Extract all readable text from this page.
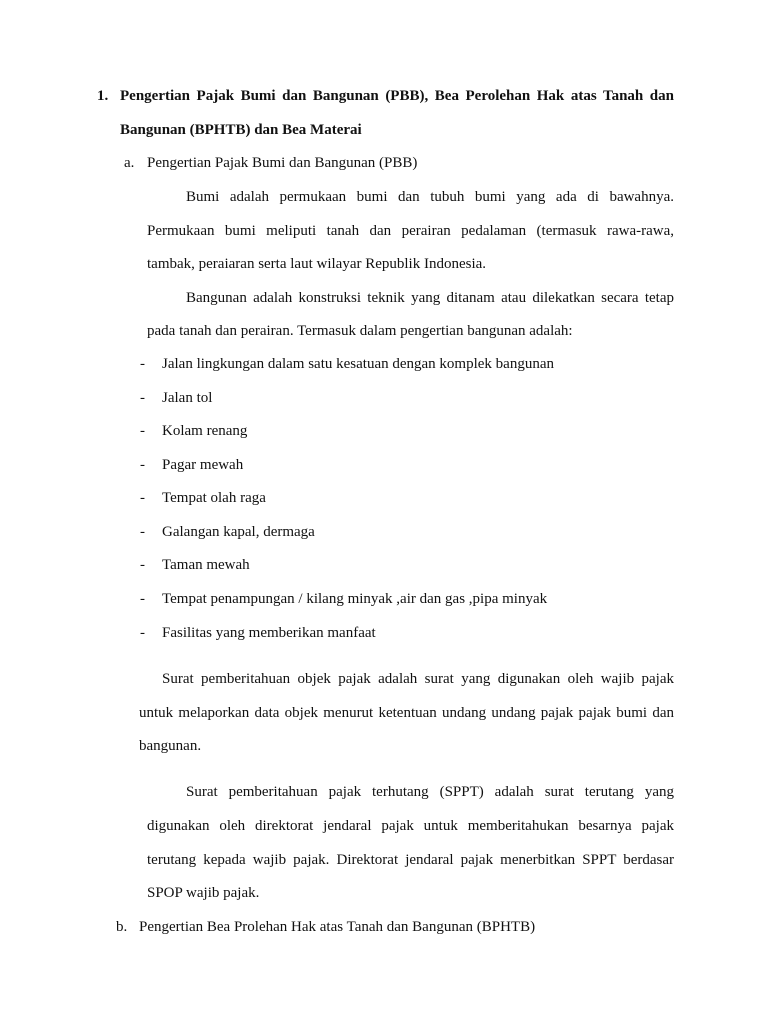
1. Pengertian Pajak Bumi dan Bangunan (PBB), Bea Perolehan Hak atas Tanah dan
Bangunan (BPHTB) dan Bea Materai
a. Pengertian Pajak Bumi dan Bangunan (PBB)
Bumi adalah permukaan bumi dan tubuh bumi yang ada di bawahnya.
Permukaan bumi meliputi tanah dan perairan pedalaman (termasuk rawa-rawa,
tambak, peraiaran serta laut wilayar Republik Indonesia.
Bangunan adalah konstruksi teknik yang ditanam atau dilekatkan secara tetap
pada tanah dan perairan. Termasuk dalam pengertian bangunan adalah:
-	Jalan lingkungan dalam satu kesatuan dengan komplek bangunan
-	Jalan tol
-	Kolam renang
-	Pagar mewah
-	Tempat olah raga
-	Galangan kapal, dermaga
-	Taman mewah
-	Tempat penampungan / kilang minyak ,air dan gas ,pipa minyak
-	Fasilitas yang memberikan manfaat
Surat pemberitahuan objek pajak adalah surat yang digunakan oleh wajib pajak
untuk melaporkan data objek menurut ketentuan undang undang pajak pajak bumi dan
bangunan.
Surat pemberitahuan pajak terhutang (SPPT) adalah surat terutang yang
digunakan oleh direktorat jendaral pajak untuk memberitahukan besarnya pajak
terutang kepada wajib pajak. Direktorat jendaral pajak menerbitkan SPPT berdasar
SPOP wajib pajak.
b. Pengertian Bea Prolehan Hak atas Tanah dan Bangunan (BPHTB)
